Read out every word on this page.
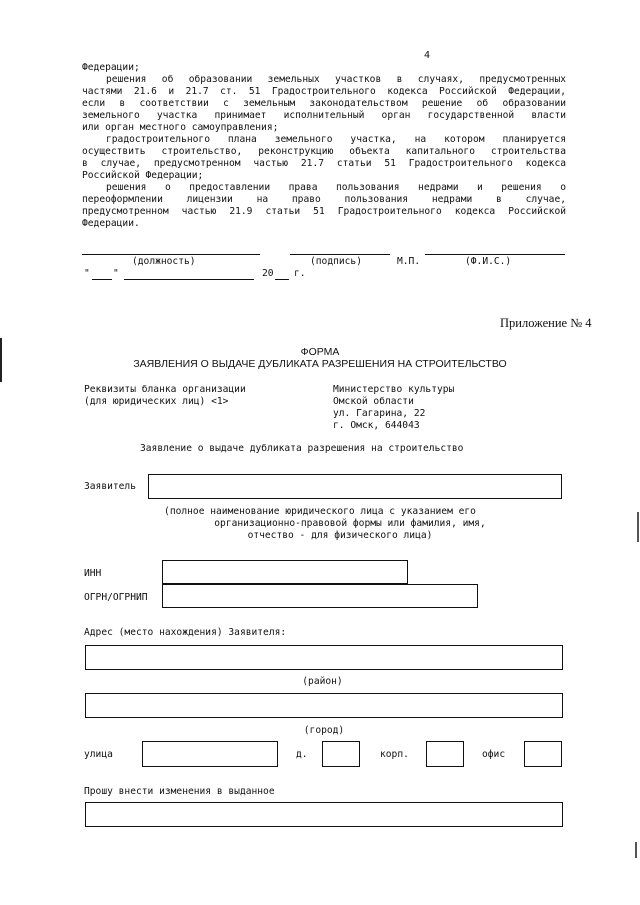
4
Федерации;
решения об образовании земельных участков в случаях, предусмотренных
частями 21.6 и 21.7 ст. 51 Градостроительного кодекса Российской Федерации,
если в соответствии с земельным законодательством решение об образовании
земельного участка принимает исполнительный орган государственной власти
или орган местного самоуправления;
градостроительного плана земельного участка, на котором планируется
осуществить строительство, реконструкцию объекта капитального строительства
в случае, предусмотренном частью 21.7 статьи 51 Градостроительного кодекса
Российской Федерации;
решения о предоставлении права пользования недрами и решения о
переоформлении лицензии на право пользования недрами в случае,
предусмотренном частью 21.9 статьи 51 Градостроительного кодекса Российской
Федерации.
(должность)	(подпись)	М.П.	(Ф.И.С.)
" "	20 г.
Приложение № 4
ФОРМА
ЗАЯВЛЕНИЯ О ВЫДАЧЕ ДУБЛИКАТА РАЗРЕШЕНИЯ НА СТРОИТЕЛЬСТВО
Реквизиты бланка организации
(для юридических лиц) <1>
Министерство культуры
Омской области
ул. Гагарина, 22
г. Омск, 644043
Заявление о выдаче дубликата разрешения на строительство
Заявитель
(полное наименование юридического лица с указанием его
организационно-правовой формы или фамилия, имя,
отчество - для физического лица)
ИНН
ОГРН/ОГРНИП
Адрес (место нахождения) Заявителя:
(район)
(город)
улица	д.	корп.	офис
Прошу внести изменения в выданное
